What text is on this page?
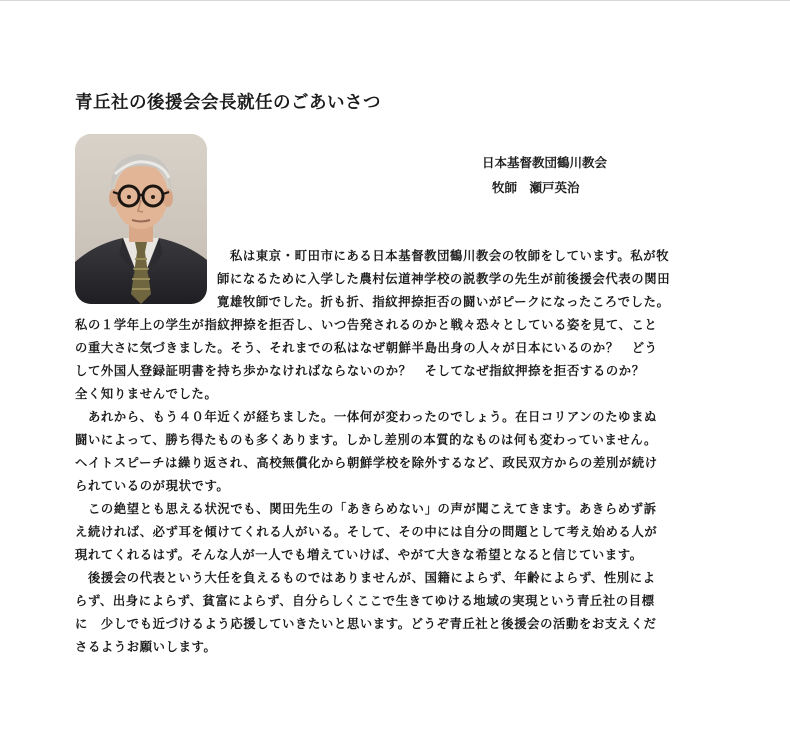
青丘社の後援会会長就任のごあいさつ
日本基督教団鶴川教会
牧師　瀬戸英治

　私は東京・町田市にある日本基督教団鶴川教会の牧師をしています。私が牧

師になるために入学した農村伝道神学校の説教学の先生が前後援会代表の関田

寛雄牧師でした。折も折、指紋押捺拒否の闘いがピークになったころでした。

私の１学年上の学生が指紋押捺を拒否し、いつ告発されるのかと戦々恐々としている姿を見て、こと

の重大さに気づきました。そう、それまでの私はなぜ朝鮮半島出身の人々が日本にいるのか？　どう

して外国人登録証明書を持ち歩かなければならないのか？　そしてなぜ指紋押捺を拒否するのか？

全く知りませんでした。

　あれから、もう４０年近くが経ちました。一体何が変わったのでしょう。在日コリアンのたゆまぬ

闘いによって、勝ち得たものも多くあります。しかし差別の本質的なものは何も変わっていません。

ヘイトスピーチは繰り返され、高校無償化から朝鮮学校を除外するなど、政民双方からの差別が続け

られているのが現状です。

　この絶望とも思える状況でも、関田先生の「あきらめない」の声が聞こえてきます。あきらめず訴

え続ければ、必ず耳を傾けてくれる人がいる。そして、その中には自分の問題として考え始める人が

現れてくれるはず。そんな人が一人でも増えていけば、やがて大きな希望となると信じています。

　後援会の代表という大任を負えるものではありませんが、国籍によらず、年齢によらず、性別によ

らず、出身によらず、貧富によらず、自分らしくここで生きてゆける地域の実現という青丘社の目標

に　少しでも近づけるよう応援していきたいと思います。どうぞ青丘社と後援会の活動をお支えくだ

さるようお願いします。
